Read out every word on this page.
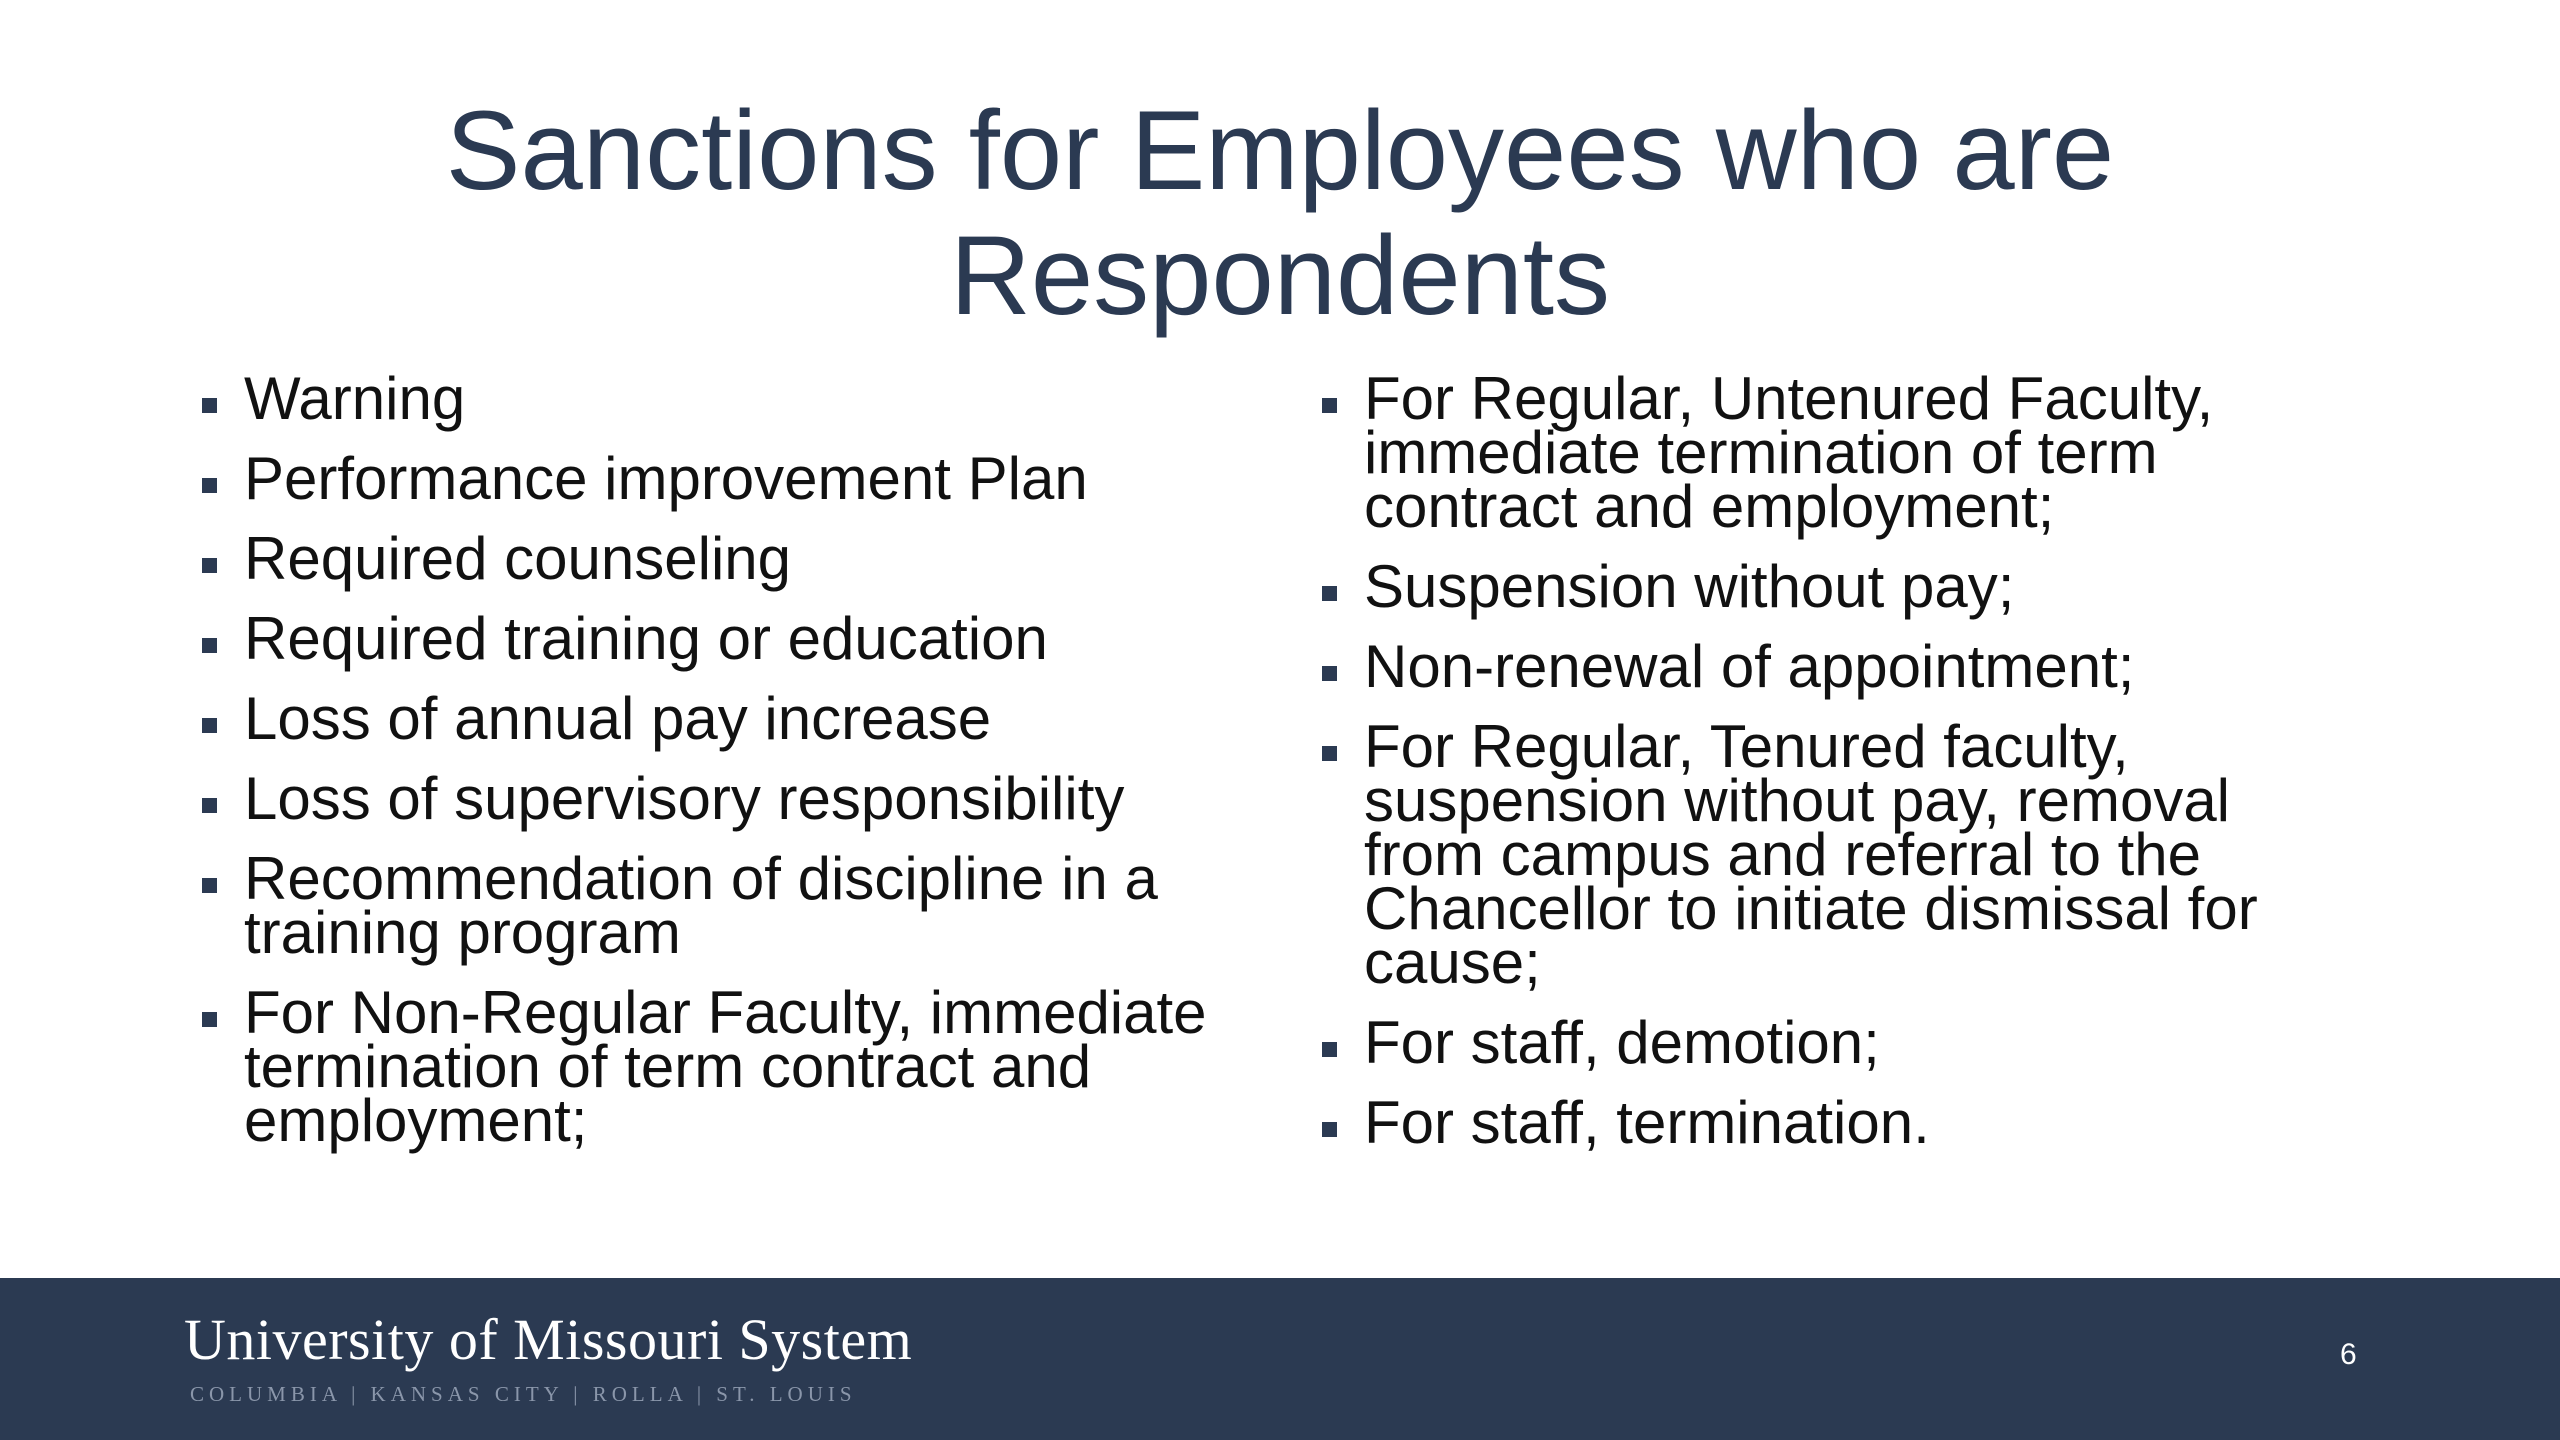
Sanctions for Employees who are
Respondents
Warning
Performance improvement Plan
Required counseling
Required training or education
Loss of annual pay increase
Loss of supervisory responsibility
Recommendation of discipline in a training program
For Non-Regular Faculty, immediate termination of term contract and employment;
For Regular, Untenured Faculty, immediate termination of term contract and employment;
Suspension without pay;
Non-renewal of appointment;
For Regular, Tenured faculty, suspension without pay, removal from campus and referral to the Chancellor to initiate dismissal for cause;
For staff, demotion;
For staff, termination.
University of Missouri System
COLUMBIA | KANSAS CITY | ROLLA | ST. LOUIS
6
